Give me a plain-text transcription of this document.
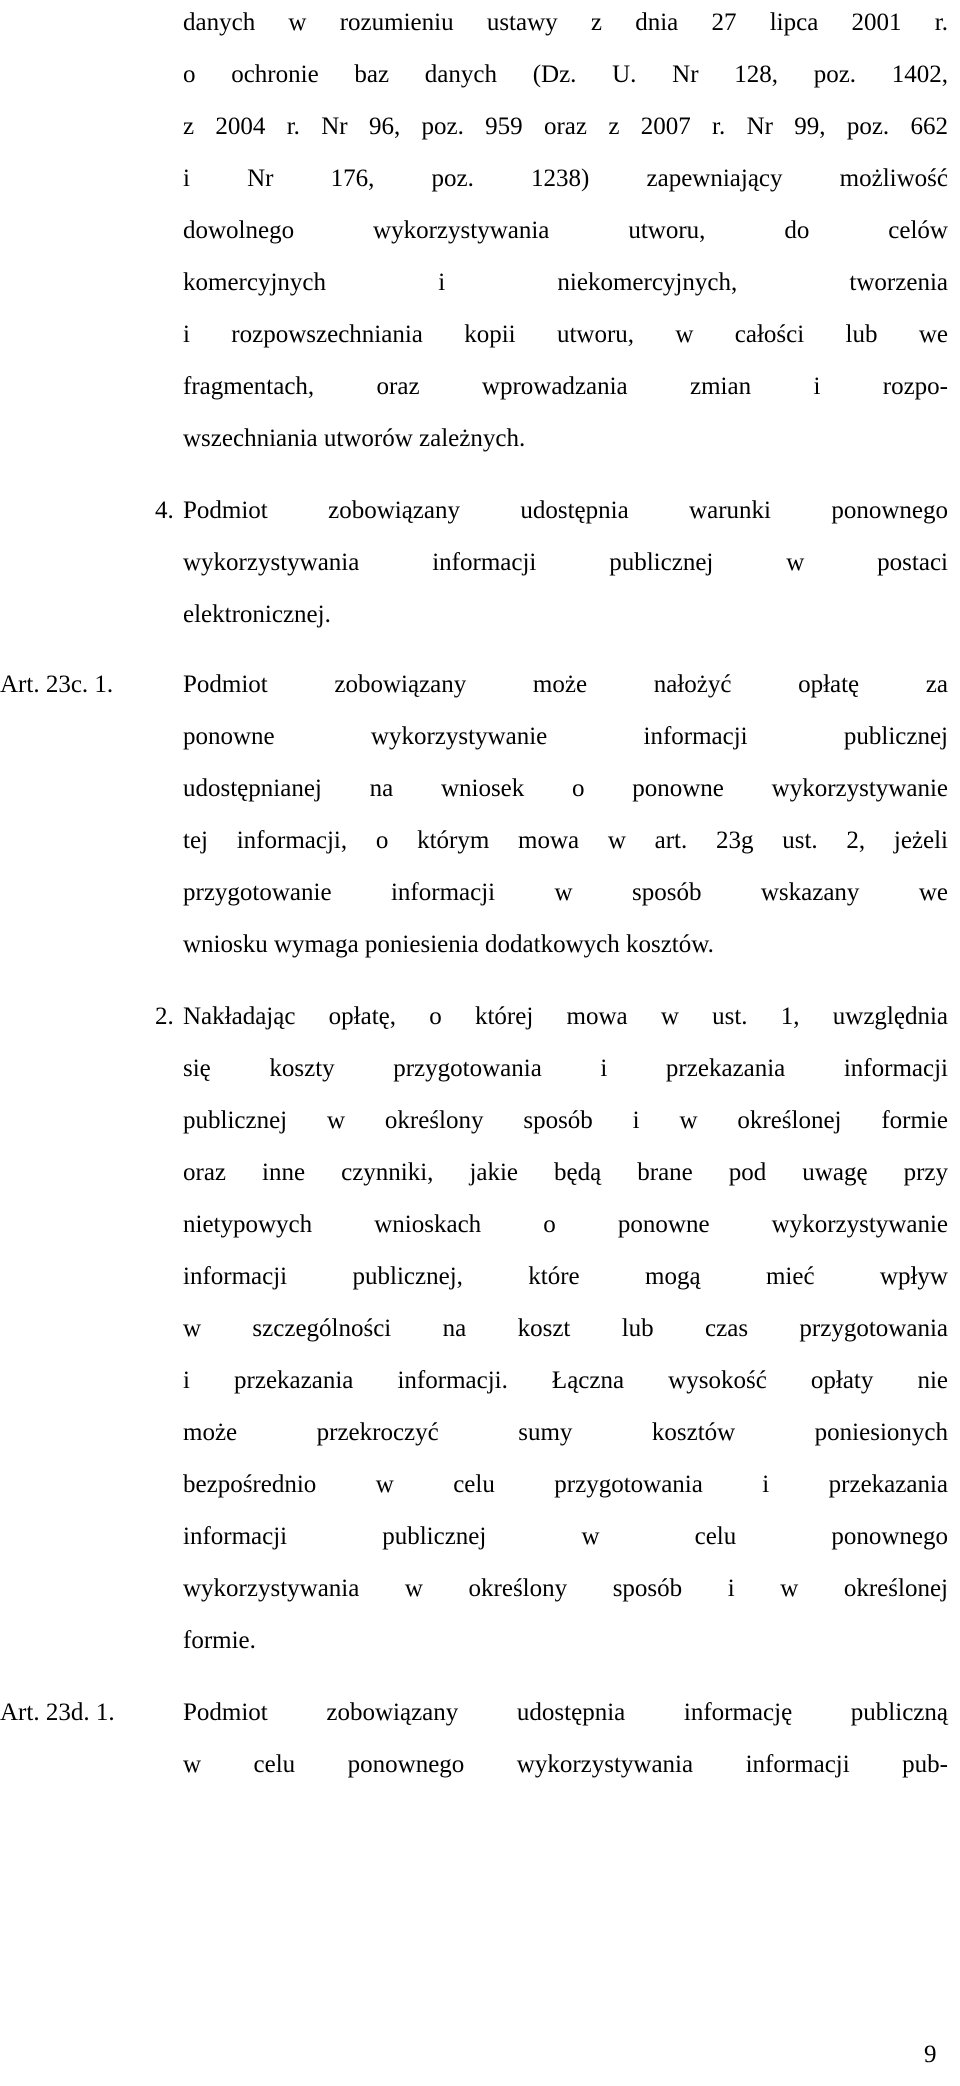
danych w rozumieniu ustawy z dnia 27 lipca 2001 r.
o ochronie baz danych (Dz. U. Nr 128, poz. 1402,
z 2004 r. Nr 96, poz. 959 oraz z 2007 r. Nr 99, poz. 662
i Nr 176, poz. 1238) zapewniający możliwość
dowolnego wykorzystywania utworu, do celów
komercyjnych i niekomercyjnych, tworzenia
i rozpowszechniania kopii utworu, w całości lub we
fragmentach, oraz wprowadzania zmian i rozpo-
wszechniania utworów zależnych.
4. Podmiot zobowiązany udostępnia warunki ponownego
wykorzystywania informacji publicznej w postaci
elektronicznej.
Art. 23c. 1.	Podmiot zobowiązany może nałożyć opłatę za
ponowne wykorzystywanie informacji publicznej
udostępnianej na wniosek o ponowne wykorzystywanie
tej informacji, o którym mowa w art. 23g ust. 2, jeżeli
przygotowanie informacji w sposób wskazany we
wniosku wymaga poniesienia dodatkowych kosztów.
2. Nakładając opłatę, o której mowa w ust. 1, uwzględnia
się koszty przygotowania i przekazania informacji
publicznej w określony sposób i w określonej formie
oraz inne czynniki, jakie będą brane pod uwagę przy
nietypowych wnioskach o ponowne wykorzystywanie
informacji publicznej, które mogą mieć wpływ
w szczególności na koszt lub czas przygotowania
i przekazania informacji. Łączna wysokość opłaty nie
może przekroczyć sumy kosztów poniesionych
bezpośrednio w celu przygotowania i przekazania
informacji publicznej w celu ponownego
wykorzystywania w określony sposób i w określonej
formie.
Art. 23d. 1.	Podmiot zobowiązany udostępnia informację publiczną
w celu ponownego wykorzystywania informacji pub-
9
